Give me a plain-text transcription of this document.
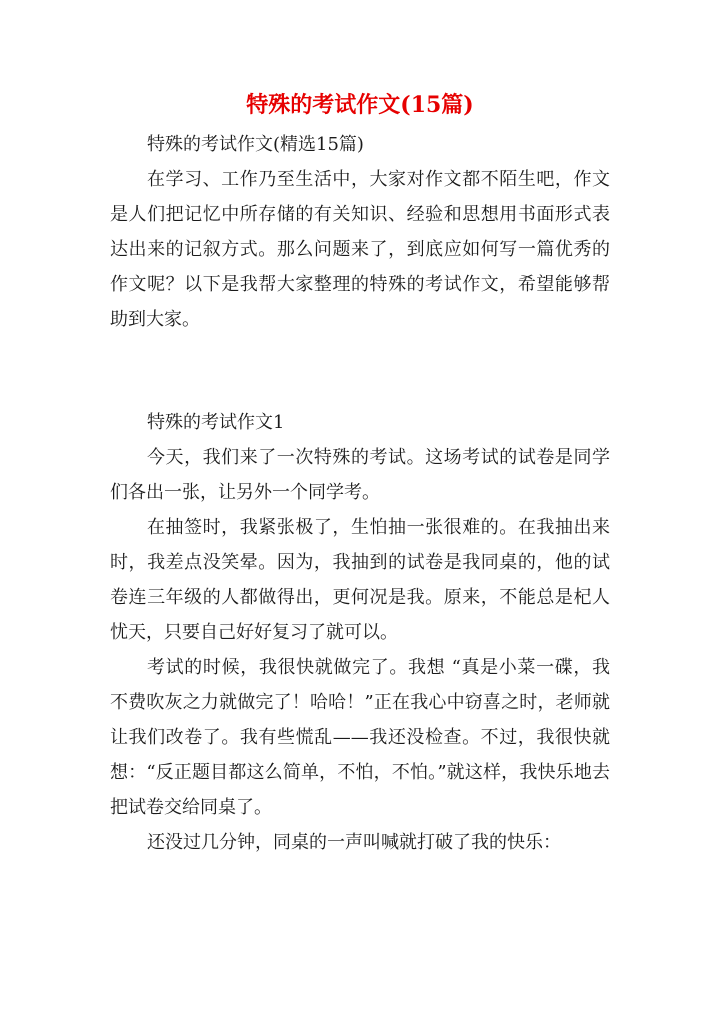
特殊的考试作文(15篇)

特殊的考试作文(精选15篇)

在学习、工作乃至生活中，大家对作文都不陌生吧，作文是人们把记忆中所存储的有关知识、经验和思想用书面形式表达出来的记叙方式。那么问题来了，到底应如何写一篇优秀的作文呢？以下是我帮大家整理的特殊的考试作文，希望能够帮助到大家。

特殊的考试作文1

今天，我们来了一次特殊的考试。这场考试的试卷是同学们各出一张，让另外一个同学考。

在抽签时，我紧张极了，生怕抽一张很难的。在我抽出来时，我差点没笑晕。因为，我抽到的试卷是我同桌的，他的试卷连三年级的人都做得出，更何况是我。原来，不能总是杞人忧天，只要自己好好复习了就可以。

考试的时候，我很快就做完了。我想 “真是小菜一碟，我不费吹灰之力就做完了！哈哈！”正在我心中窃喜之时，老师就让我们改卷了。我有些慌乱——我还没检查。不过，我很快就想：“反正题目都这么简单，不怕，不怕。”就这样，我快乐地去把试卷交给同桌了。

还没过几分钟，同桌的一声叫喊就打破了我的快乐：
